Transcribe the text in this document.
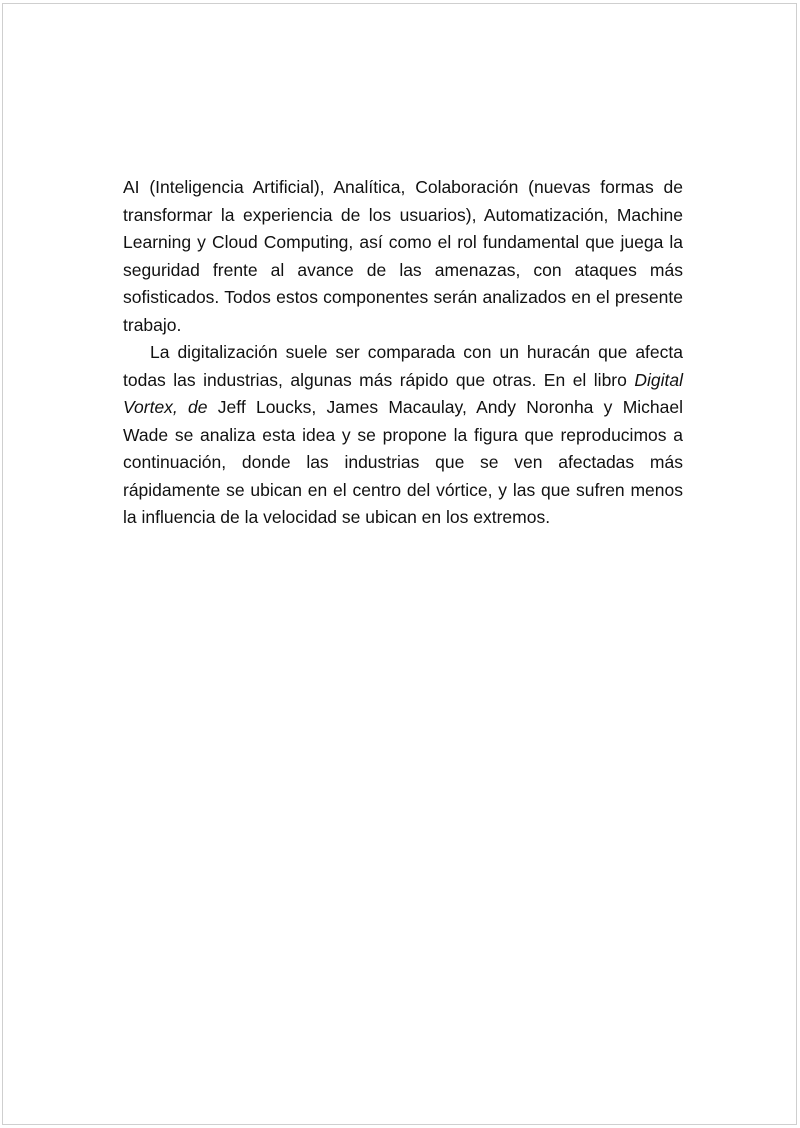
AI (Inteligencia Artificial), Analítica, Colaboración (nuevas formas de transformar la experiencia de los usuarios), Automatización, Machine Learning y Cloud Computing, así como el rol fundamental que juega la seguridad frente al avance de las amenazas, con ataques más sofisticados. Todos estos componentes serán analizados en el presente trabajo.

La digitalización suele ser comparada con un huracán que afecta todas las industrias, algunas más rápido que otras. En el libro Digital Vortex, de Jeff Loucks, James Macaulay, Andy Noronha y Michael Wade se analiza esta idea y se propone la figura que reproducimos a continuación, donde las industrias que se ven afectadas más rápidamente se ubican en el centro del vórtice, y las que sufren menos la influencia de la velocidad se ubican en los extremos.
